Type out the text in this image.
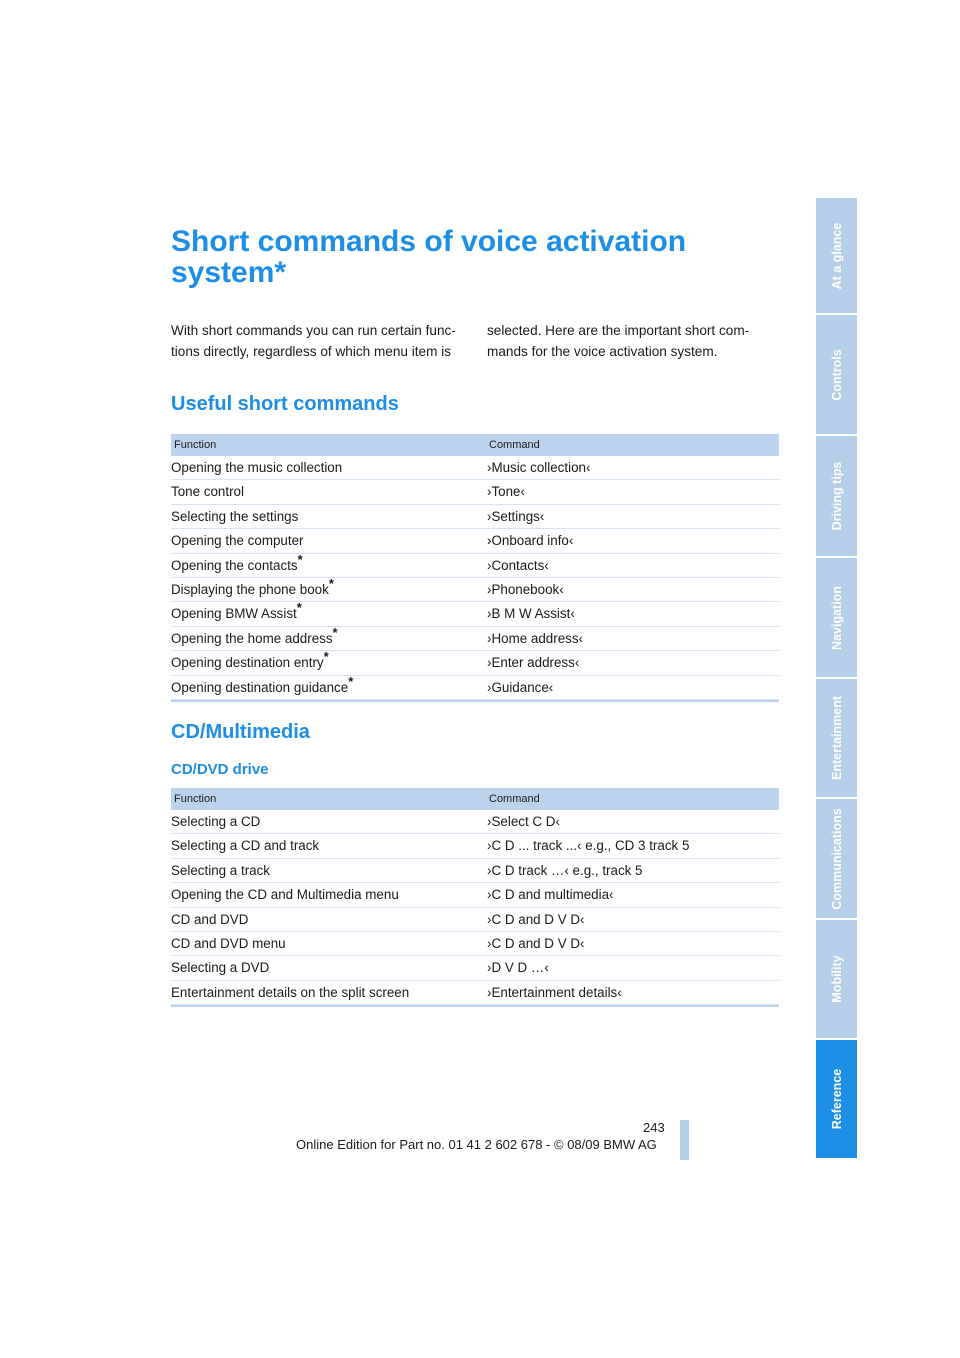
Short commands of voice activation
system*
With short commands you can run certain func- tions directly, regardless of which menu item is
selected. Here are the important short com- mands for the voice activation system.
Useful short commands
Function	Command
Opening the music collection	›Music collection‹
Tone control	›Tone‹
Selecting the settings	›Settings‹
Opening the computer	›Onboard info‹
Opening the contacts*	›Contacts‹
Displaying the phone book*	›Phonebook‹
Opening BMW Assist*	›B M W Assist‹
Opening the home address*	›Home address‹
Opening destination entry*	›Enter address‹
Opening destination guidance*	›Guidance‹
CD/Multimedia
CD/DVD drive
Function	Command
Selecting a CD	›Select C D‹
Selecting a CD and track	›C D ... track ...‹ e.g., CD 3 track 5
Selecting a track	›C D track …‹ e.g., track 5
Opening the CD and Multimedia menu	›C D and multimedia‹
CD and DVD	›C D and D V D‹
CD and DVD menu	›C D and D V D‹
Selecting a DVD	›D V D …‹
Entertainment details on the split screen	›Entertainment details‹
At a glance
Controls
Driving tips
Navigation
Entertainment
Communications
Mobility
Reference
243
Online Edition for Part no. 01 41 2 602 678 - © 08/09 BMW AG
